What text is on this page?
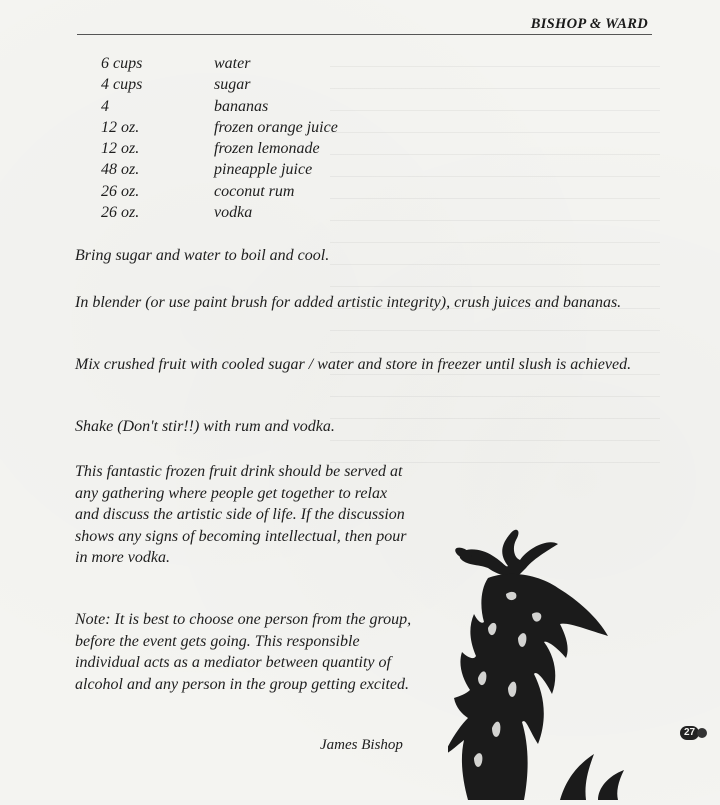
BISHOP & WARD
6 cups	water
4 cups	sugar
4	bananas
12 oz.	frozen orange juice
12 oz.	frozen lemonade
48 oz.	pineapple juice
26 oz.	coconut rum
26 oz.	vodka

Bring sugar and water to boil and cool.

In blender (or use paint brush for added artistic integrity), crush juices and bananas.

Mix crushed fruit with cooled sugar / water and store in freezer until slush is achieved.

Shake (Don't stir!!) with rum and vodka.

This fantastic frozen fruit drink should be served at any gathering where people get together to relax and discuss the artistic side of life. If the discussion shows any signs of becoming intellectual, then pour in more vodka.

Note: It is best to choose one person from the group, before the event gets going. This responsible individual acts as a mediator between quantity of alcohol and any person in the group getting excited.

James Bishop
27
